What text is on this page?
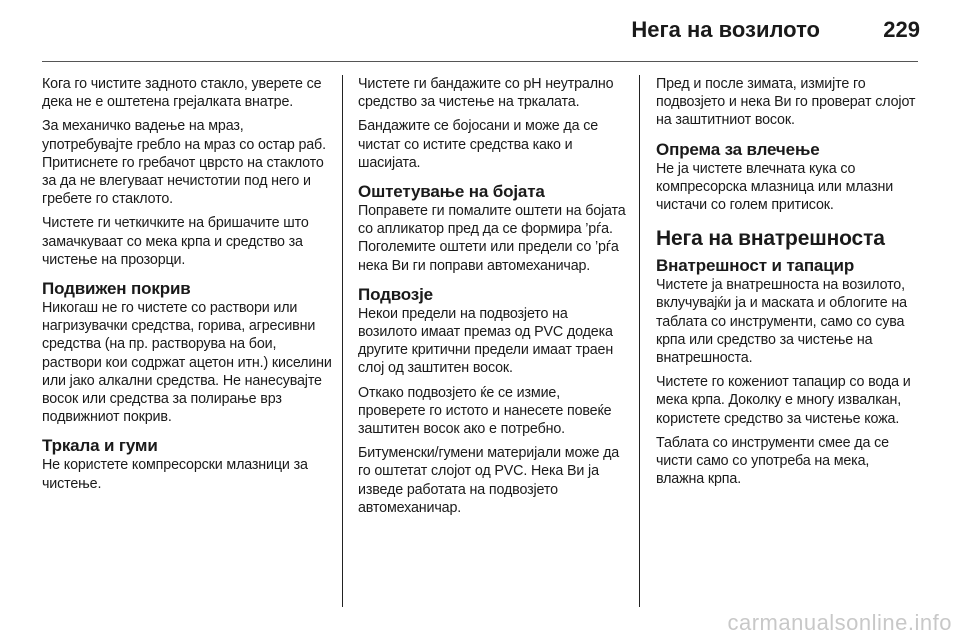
Нега на возилото	229

Кога го чистите задното стакло, уверете се дека не е оштетена грејалката внатре.

За механичко вадење на мраз, употребувајте гребло на мраз со остар раб. Притиснете го гребачот цврсто на стаклото за да не влегуваат нечистотии под него и гребете го стаклото.

Чистете ги четкичките на бришачите што замачкуваат со мека крпа и средство за чистење на прозорци.

Подвижен покрив

Никогаш не го чистете со раствори или нагризувачки средства, горива, агресивни средства (на пр. растворува на бои, раствори кои содржат ацетон итн.) киселини или јако алкални средства. Не нанесувајте восок или средства за полирање врз подвижниот покрив.

Тркала и гуми

Не користете компресорски млазници за чистење.

Чистете ги бандажите со pH неутрално средство за чистење на тркалата.

Бандажите се бојосани и може да се чистат со истите средства како и шасијата.

Оштетување на бојата

Поправете ги помалите оштети на бојата со апликатор пред да се формира ’рѓа. Поголемите оштети или предели со ’рѓа нека Ви ги поправи автомеханичар.

Подвозје

Некои предели на подвозјето на возилото имаат премаз од PVC додека другите критични предели имаат траен слој од заштитен восок.

Откако подвозјето ќе се измие, проверете го истото и нанесете повеќе заштитен восок ако е потребно.

Битуменски/гумени материјали може да го оштетат слојот од PVC. Нека Ви ја изведе работата на подвозјето автомеханичар.

Пред и после зимата, измијте го подвозјето и нека Ви го проверат слојот на заштитниот восок.

Опрема за влечење

Не ја чистете влечната кука со компресорска млазница или млазни чистачи со голем притисок.

Нега на внатрешноста
Внатрешност и тапацир

Чистете ја внатрешноста на возилото, вклучувајќи ја и маската и облогите на таблата со инструменти, само со сува крпа или средство за чистење на внатрешноста.

Чистете го кожениот тапацир со вода и мека крпа. Доколку е многу извалкан, користете средство за чистење кожа.

Таблата со инструменти смее да се чисти само со употреба на мека, влажна крпа.

carmanualsonline.info
